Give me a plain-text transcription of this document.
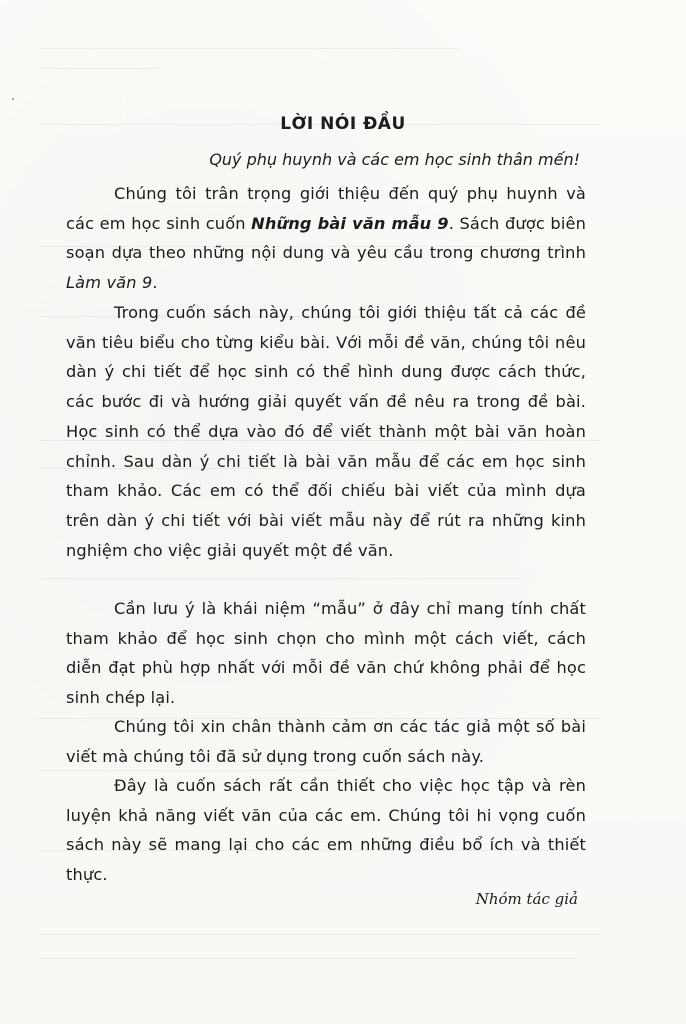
LỜI NÓI ĐẦU
Quý phụ huynh và các em học sinh thân mến!

Chúng tôi trân trọng giới thiệu đến quý phụ huynh và các em học sinh cuốn Những bài văn mẫu 9. Sách được biên soạn dựa theo những nội dung và yêu cầu trong chương trình Làm văn 9.

Trong cuốn sách này, chúng tôi giới thiệu tất cả các đề văn tiêu biểu cho từng kiểu bài. Với mỗi đề văn, chúng tôi nêu dàn ý chi tiết để học sinh có thể hình dung được cách thức, các bước đi và hướng giải quyết vấn đề nêu ra trong đề bài. Học sinh có thể dựa vào đó để viết thành một bài văn hoàn chỉnh. Sau dàn ý chi tiết là bài văn mẫu để các em học sinh tham khảo. Các em có thể đối chiếu bài viết của mình dựa trên dàn ý chi tiết với bài viết mẫu này để rút ra những kinh nghiệm cho việc giải quyết một đề văn.

Cần lưu ý là khái niệm “mẫu” ở đây chỉ mang tính chất tham khảo để học sinh chọn cho mình một cách viết, cách diễn đạt phù hợp nhất với mỗi đề văn chứ không phải để học sinh chép lại.

Chúng tôi xin chân thành cảm ơn các tác giả một số bài viết mà chúng tôi đã sử dụng trong cuốn sách này.

Đây là cuốn sách rất cần thiết cho việc học tập và rèn luyện khả năng viết văn của các em. Chúng tôi hi vọng cuốn sách này sẽ mang lại cho các em những điều bổ ích và thiết thực.

Nhóm tác giả
